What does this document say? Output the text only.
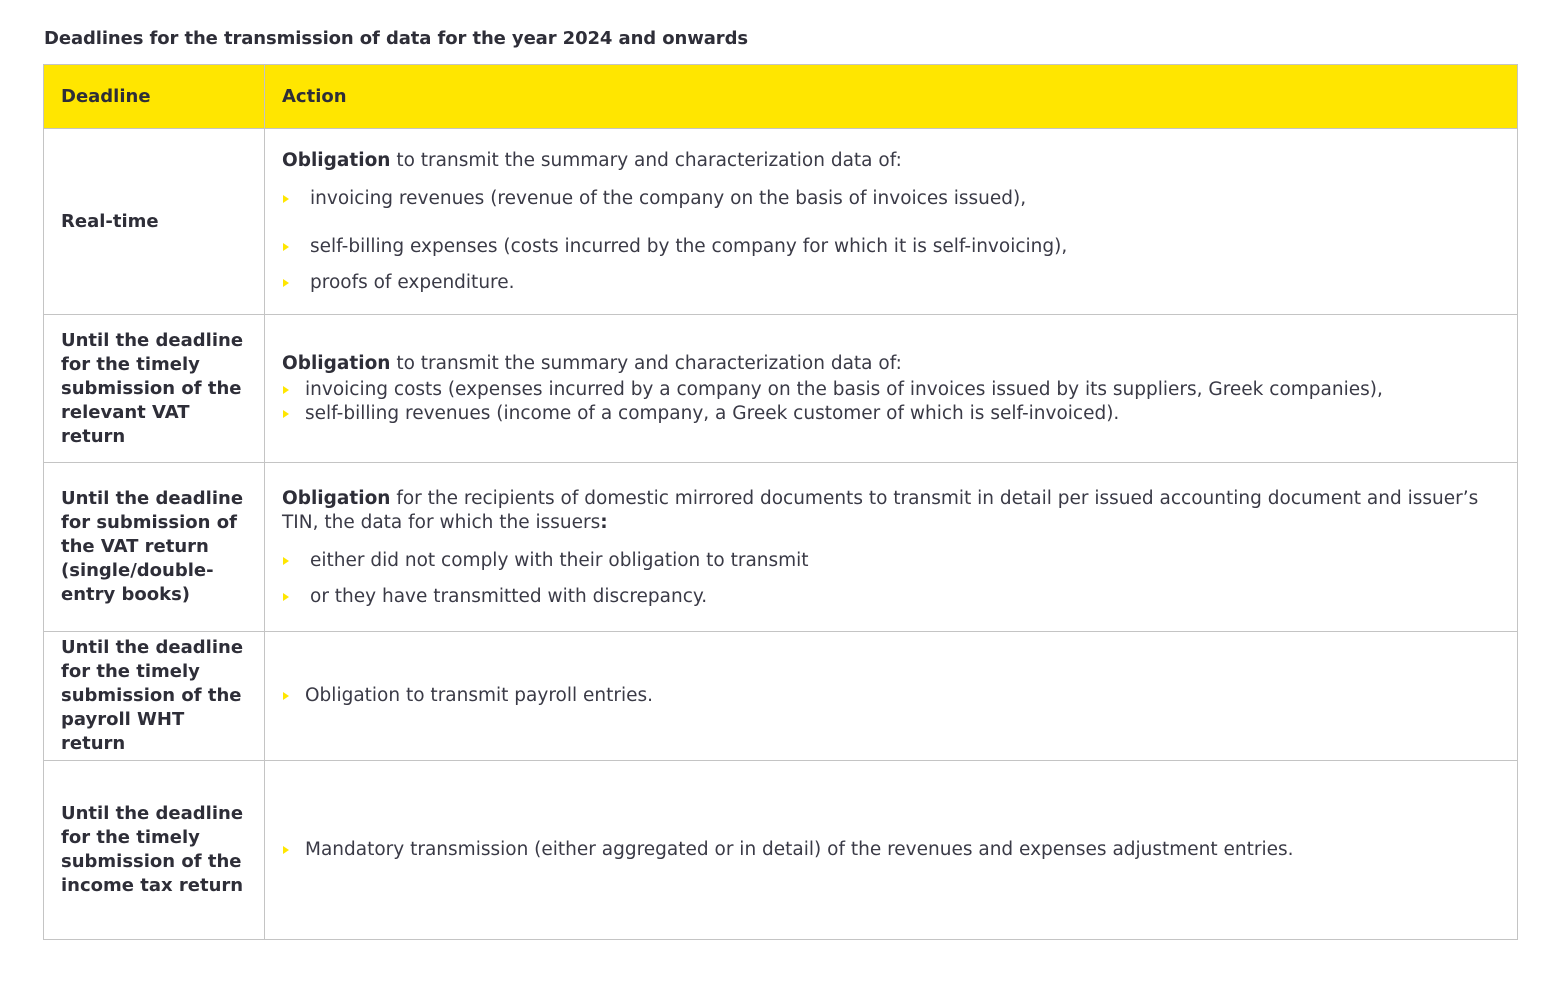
Deadlines for the transmission of data for the year 2024 and onwards
Deadline	Action
Real-time	Obligation to transmit the summary and characterization data of:
invoicing revenues (revenue of the company on the basis of invoices issued),
self-billing expenses (costs incurred by the company for which it is self-invoicing),
proofs of expenditure.

Until the deadline for the timely submission of the relevant VAT return	Obligation to transmit the summary and characterization data of:
invoicing costs (expenses incurred by a company on the basis of invoices issued by its suppliers, Greek companies),
self-billing revenues (income of a company, a Greek customer of which is self-invoiced).

Until the deadline for submission of the VAT return (single/double-entry books)	Obligation for the recipients of domestic mirrored documents to transmit in detail per issued accounting document and issuer’s TIN, the data for which the issuers:
either did not comply with their obligation to transmit
or they have transmitted with discrepancy.

Until the deadline for the timely submission of the payroll WHT return	Obligation to transmit payroll entries.

Until the deadline for the timely submission of the income tax return	Mandatory transmission (either aggregated or in detail) of the revenues and expenses adjustment entries.
